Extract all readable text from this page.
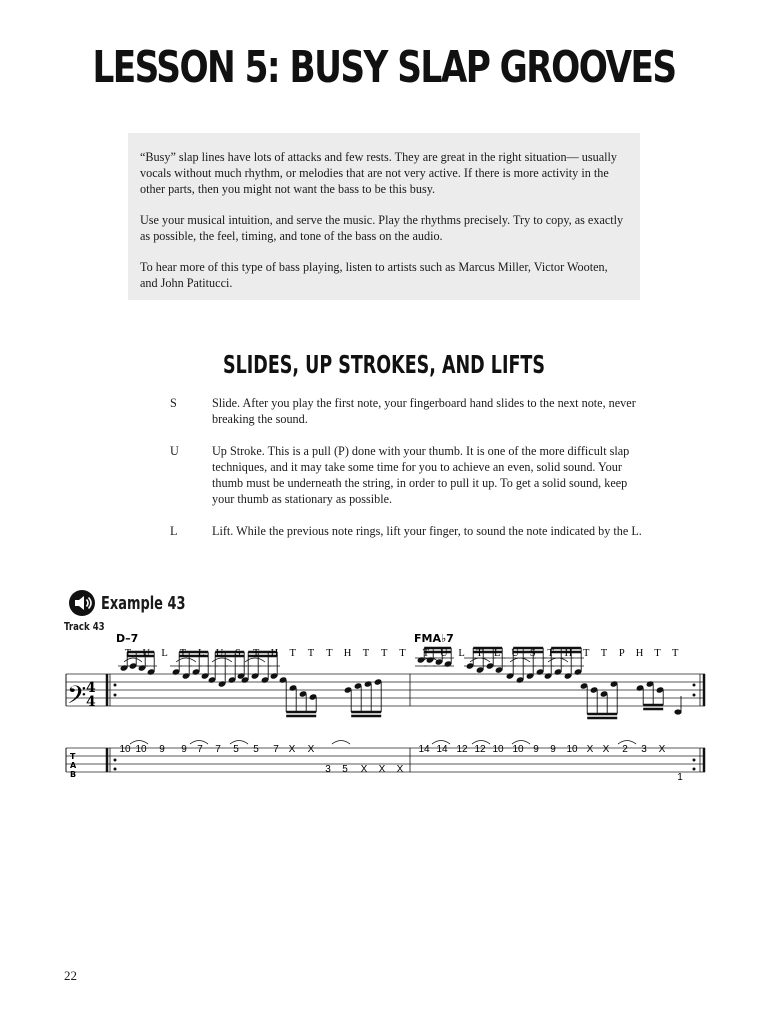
LESSON 5: BUSY SLAP GROOVES

“Busy” slap lines have lots of attacks and few rests. They are great in the right situation— usually vocals without much rhythm, or melodies that are not very active. If there is more activity in the other parts, then you might not want the bass to be this busy.

Use your musical intuition, and serve the music. Play the rhythms precisely. Try to copy, as exactly as possible, the feel, timing, and tone of the bass on the audio.

To hear more of this type of bass playing, listen to artists such as Marcus Miller, Victor Wooten, and John Patitucci.

SLIDES, UP STROKES, AND LIFTS
S	Slide. After you play the first note, your fingerboard hand slides to the next note, never breaking the sound.
U	Up Stroke. This is a pull (P) done with your thumb. It is one of the more difficult slap techniques, and it may take some time for you to achieve an even, solid sound. Your thumb must be underneath the string, in order to pull it up. To get a solid sound, keep your thumb as stationary as possible.
L	Lift. While the previous note rings, lift your finger, to sound the note indicated by the L.
Example 43
Track 43
D–7	FMA♭7
T U L T L U S T H T T T H T T T T U L T L U S T H T T P H T T
𝄢 4
4
T
A
B
10 10 9 9 7 7 5 5 7 X X
3 5 X X X
14 14 12 12 10 10 9 9 10 X X 2 3 X
1
22
